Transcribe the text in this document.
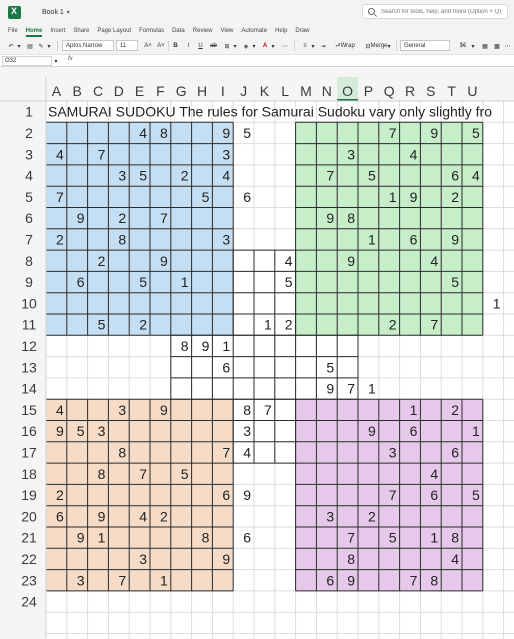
X
Book 1 ▾	Search for tools, help, and more (Option + Q)
File Home Insert Share Page Layout Formulas Data Review View Automate Help Draw
↶ ▾	▤ ✎ ▾	Aptos Narrow	11	A˄ A˅	B	I	U	ab	⊞ ▾	◈ ▾	A ▾	⋯	≡ ▾ ⇥	⮐ Wrap	⊟ Merge ▾	General	$€ ▾	▦	▩ ⋯
O32	▾ fx
A B C D E F G H I J K L M N O P Q R S T U
1
2
3
4
5
6
7
8
9
10
11
12
13
14
15
16
17
18
19
20
21
22
23
24
SAMURAI SUDOKU The rules for Samurai Sudoku vary only slightly fro
4 8	9 5	7 9 5
4 7	3	3	4
3 5 2 4	7 5	6 4
7	5 6	1 9 2
9 2 7	9 8
2	8	3	1 6 9
2	9	4	9	4
6	5 1	5	5
1
5 2	1 2	2 7
8 9 1
6	5
9 7 1
4	3 9	8 7	1 2
9 5 3	3	9 6	1
8	7 4	3	6
8 7 5	4
2	6 9	7 6 5
6 9 4 2	3 2
9 1	8 6	7 5 1 8
3	9	8	4
3 7 1	6 9	7 8
